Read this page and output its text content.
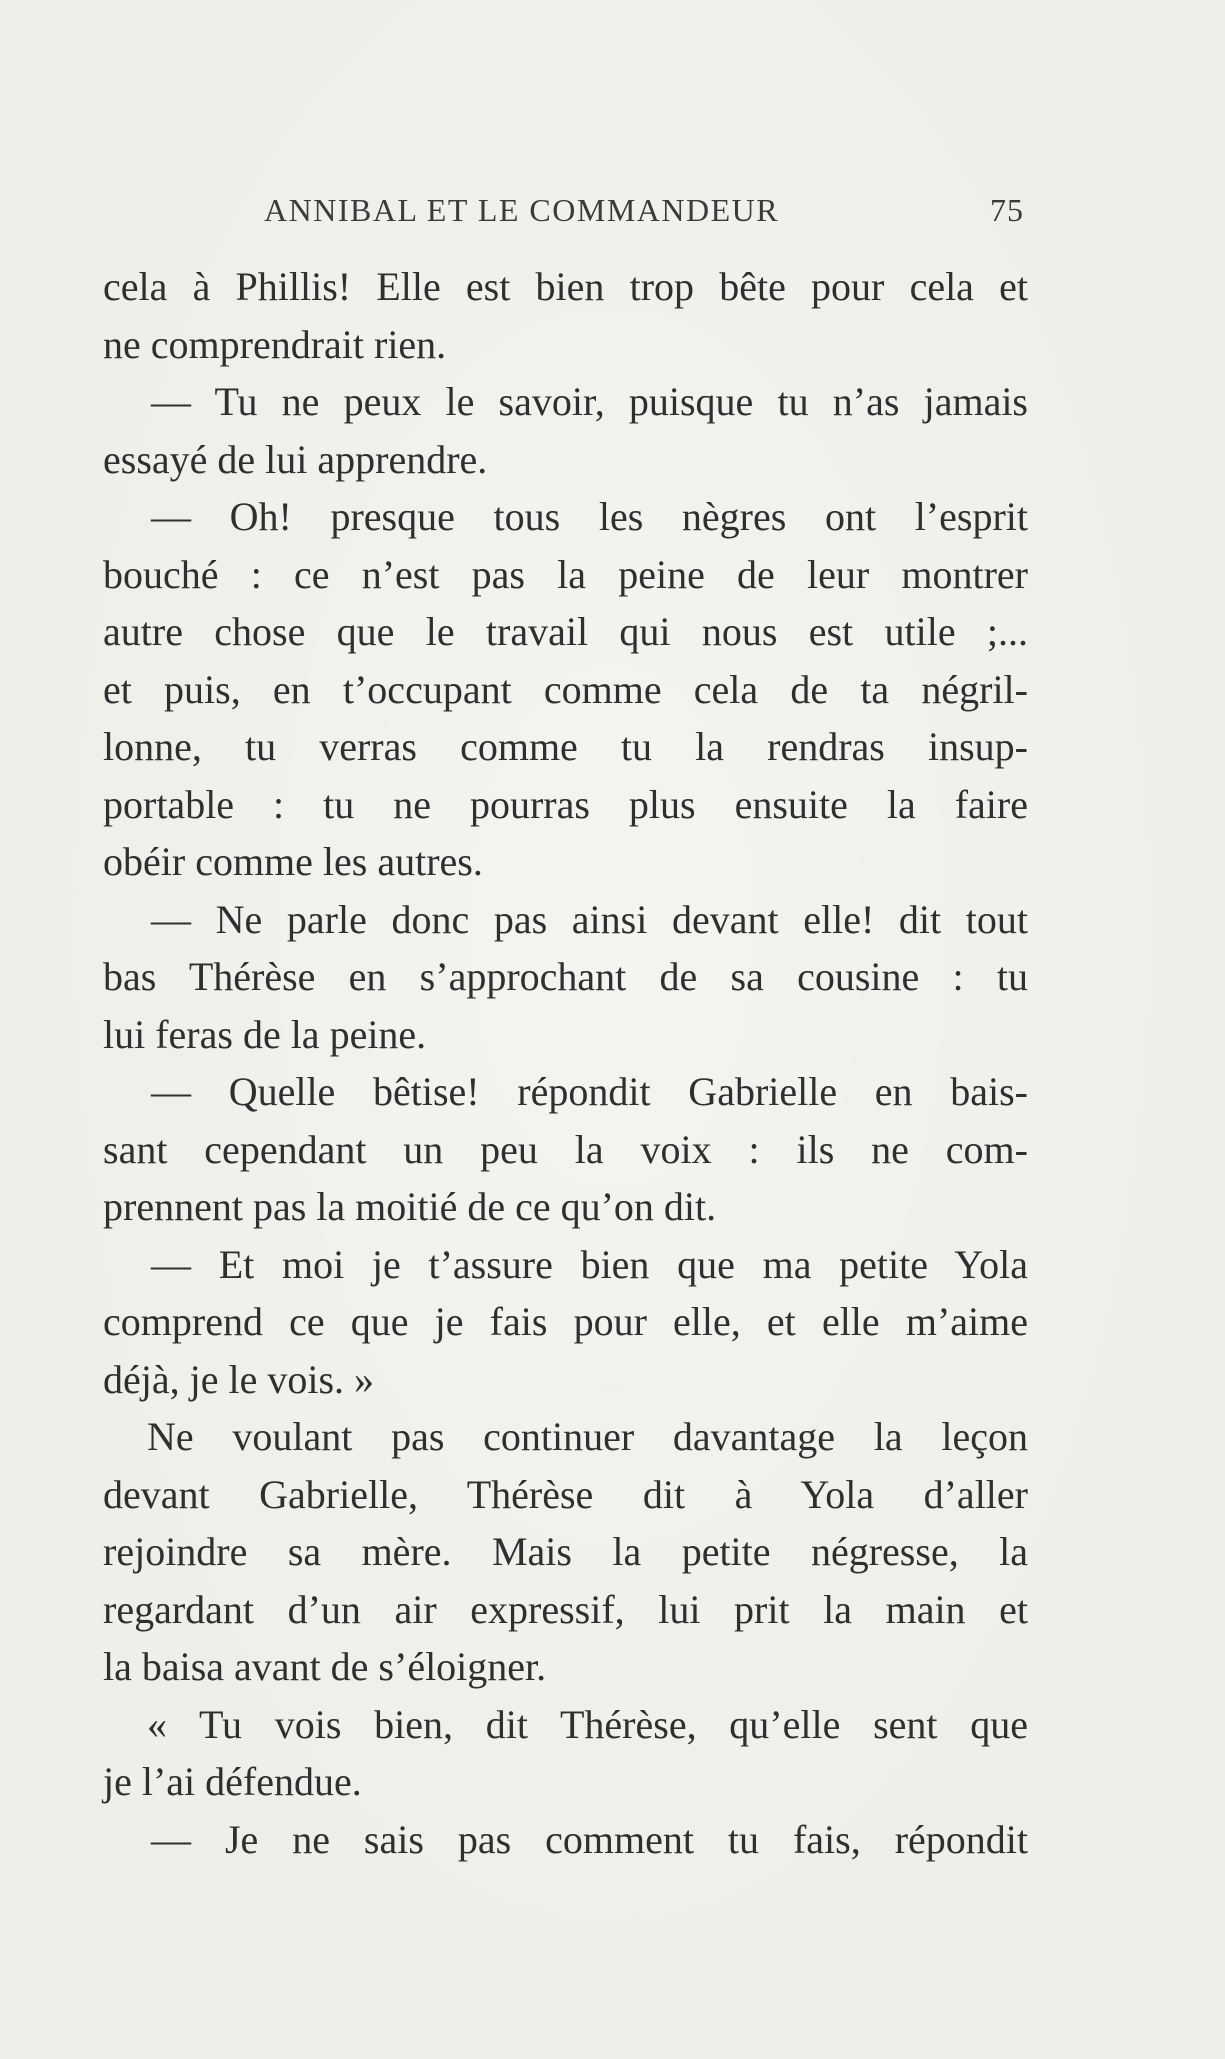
ANNIBAL ET LE COMMANDEUR	75
cela à Phillis! Elle est bien trop bête pour cela et
ne comprendrait rien.
— Tu ne peux le savoir, puisque tu n’as jamais
essayé de lui apprendre.
— Oh! presque tous les nègres ont l’esprit
bouché : ce n’est pas la peine de leur montrer
autre chose que le travail qui nous est utile ;...
et puis, en t’occupant comme cela de ta négril-
lonne, tu verras comme tu la rendras insup-
portable : tu ne pourras plus ensuite la faire
obéir comme les autres.
— Ne parle donc pas ainsi devant elle! dit tout
bas Thérèse en s’approchant de sa cousine : tu
lui feras de la peine.
— Quelle bêtise! répondit Gabrielle en bais-
sant cependant un peu la voix : ils ne com-
prennent pas la moitié de ce qu’on dit.
— Et moi je t’assure bien que ma petite Yola
comprend ce que je fais pour elle, et elle m’aime
déjà, je le vois. »
Ne voulant pas continuer davantage la leçon
devant Gabrielle, Thérèse dit à Yola d’aller
rejoindre sa mère. Mais la petite négresse, la
regardant d’un air expressif, lui prit la main et
la baisa avant de s’éloigner.
« Tu vois bien, dit Thérèse, qu’elle sent que
je l’ai défendue.
— Je ne sais pas comment tu fais, répondit
